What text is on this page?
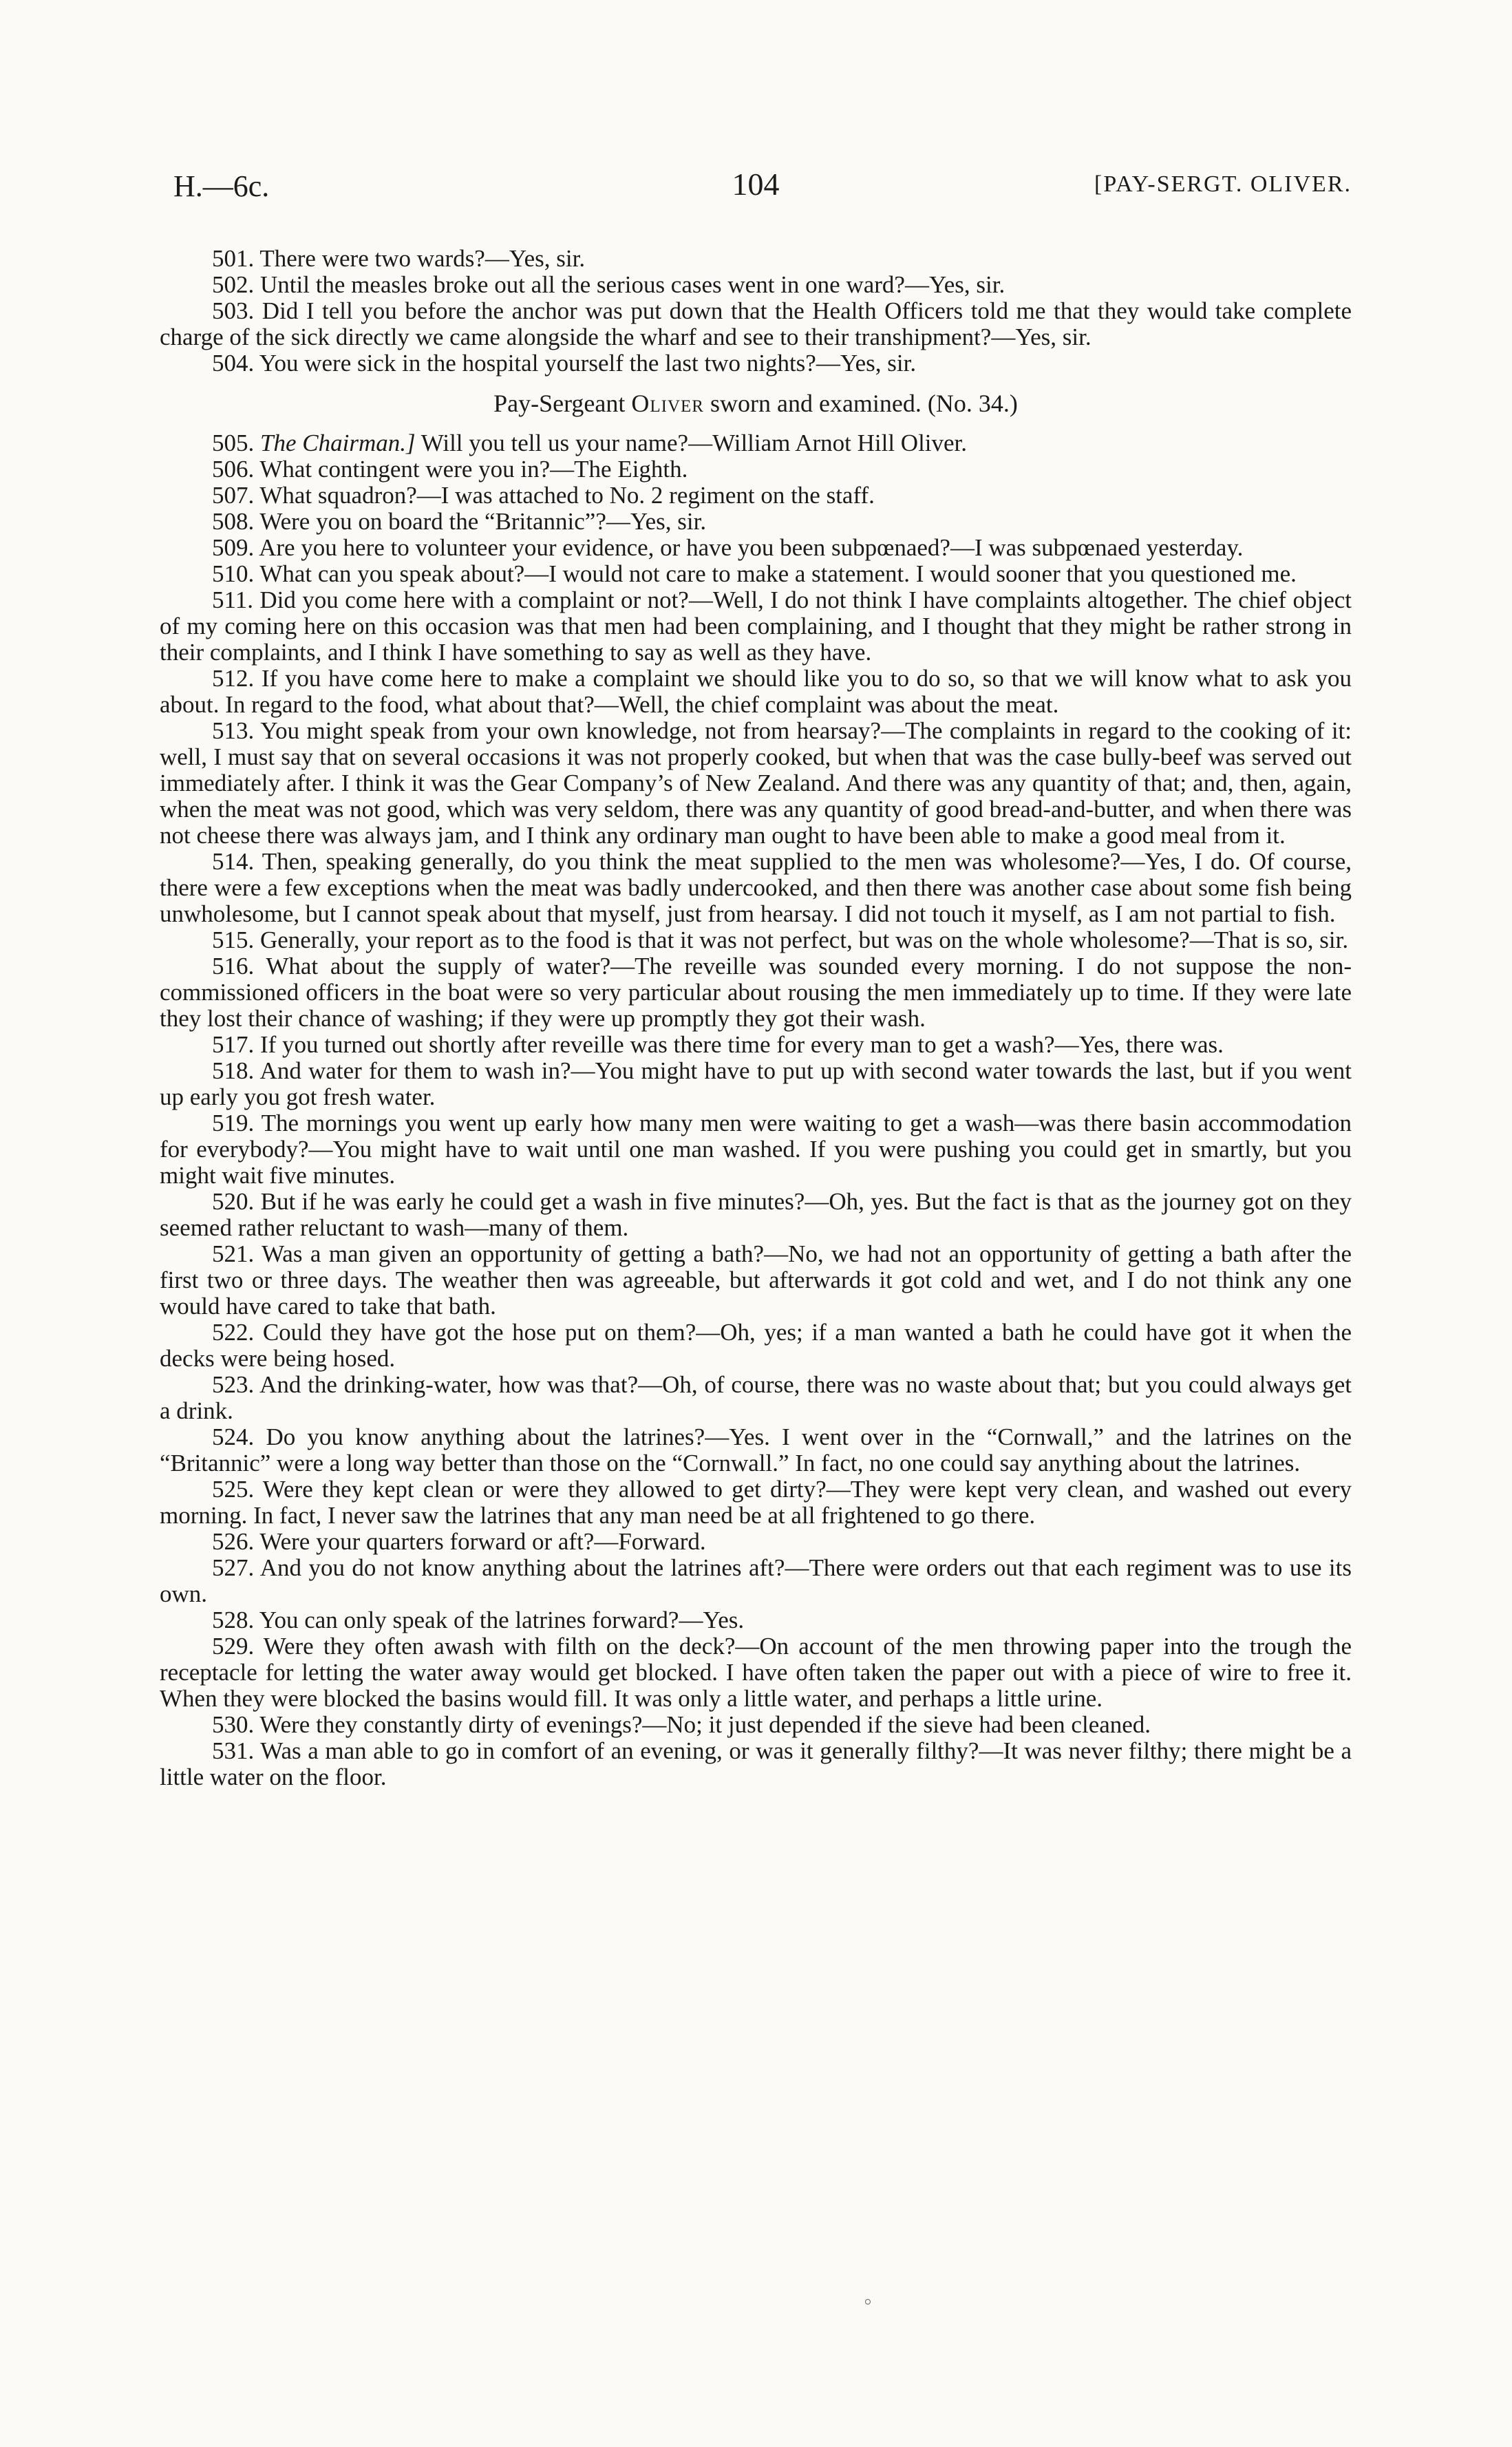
H.—6c.	104	[PAY-SERGT. OLIVER.

501. There were two wards?—Yes, sir.

502. Until the measles broke out all the serious cases went in one ward?—Yes, sir.

503. Did I tell you before the anchor was put down that the Health Officers told me that they would take complete charge of the sick directly we came alongside the wharf and see to their transhipment?—Yes, sir.

504. You were sick in the hospital yourself the last two nights?—Yes, sir.

Pay-Sergeant Oliver sworn and examined. (No. 34.)

505. The Chairman.] Will you tell us your name?—William Arnot Hill Oliver.

506. What contingent were you in?—The Eighth.

507. What squadron?—I was attached to No. 2 regiment on the staff.

508. Were you on board the “Britannic”?—Yes, sir.

509. Are you here to volunteer your evidence, or have you been subpœnaed?—I was subpœnaed yesterday.

510. What can you speak about?—I would not care to make a statement. I would sooner that you questioned me.

511. Did you come here with a complaint or not?—Well, I do not think I have complaints altogether. The chief object of my coming here on this occasion was that men had been complaining, and I thought that they might be rather strong in their complaints, and I think I have something to say as well as they have.

512. If you have come here to make a complaint we should like you to do so, so that we will know what to ask you about. In regard to the food, what about that?—Well, the chief complaint was about the meat.

513. You might speak from your own knowledge, not from hearsay?—The complaints in regard to the cooking of it: well, I must say that on several occasions it was not properly cooked, but when that was the case bully-beef was served out immediately after. I think it was the Gear Company’s of New Zealand. And there was any quantity of that; and, then, again, when the meat was not good, which was very seldom, there was any quantity of good bread-and-butter, and when there was not cheese there was always jam, and I think any ordinary man ought to have been able to make a good meal from it.

514. Then, speaking generally, do you think the meat supplied to the men was wholesome?—Yes, I do. Of course, there were a few exceptions when the meat was badly undercooked, and then there was another case about some fish being unwholesome, but I cannot speak about that myself, just from hearsay. I did not touch it myself, as I am not partial to fish.

515. Generally, your report as to the food is that it was not perfect, but was on the whole wholesome?—That is so, sir.

516. What about the supply of water?—The reveille was sounded every morning. I do not suppose the non-commissioned officers in the boat were so very particular about rousing the men immediately up to time. If they were late they lost their chance of washing; if they were up promptly they got their wash.

517. If you turned out shortly after reveille was there time for every man to get a wash?—Yes, there was.

518. And water for them to wash in?—You might have to put up with second water towards the last, but if you went up early you got fresh water.

519. The mornings you went up early how many men were waiting to get a wash—was there basin accommodation for everybody?—You might have to wait until one man washed. If you were pushing you could get in smartly, but you might wait five minutes.

520. But if he was early he could get a wash in five minutes?—Oh, yes. But the fact is that as the journey got on they seemed rather reluctant to wash—many of them.

521. Was a man given an opportunity of getting a bath?—No, we had not an opportunity of getting a bath after the first two or three days. The weather then was agreeable, but afterwards it got cold and wet, and I do not think any one would have cared to take that bath.

522. Could they have got the hose put on them?—Oh, yes; if a man wanted a bath he could have got it when the decks were being hosed.

523. And the drinking-water, how was that?—Oh, of course, there was no waste about that; but you could always get a drink.

524. Do you know anything about the latrines?—Yes. I went over in the “Cornwall,” and the latrines on the “Britannic” were a long way better than those on the “Cornwall.” In fact, no one could say anything about the latrines.

525. Were they kept clean or were they allowed to get dirty?—They were kept very clean, and washed out every morning. In fact, I never saw the latrines that any man need be at all frightened to go there.

526. Were your quarters forward or aft?—Forward.

527. And you do not know anything about the latrines aft?—There were orders out that each regiment was to use its own.

528. You can only speak of the latrines forward?—Yes.

529. Were they often awash with filth on the deck?—On account of the men throwing paper into the trough the receptacle for letting the water away would get blocked. I have often taken the paper out with a piece of wire to free it. When they were blocked the basins would fill. It was only a little water, and perhaps a little urine.

530. Were they constantly dirty of evenings?—No; it just depended if the sieve had been cleaned.

531. Was a man able to go in comfort of an evening, or was it generally filthy?—It was never filthy; there might be a little water on the floor.
